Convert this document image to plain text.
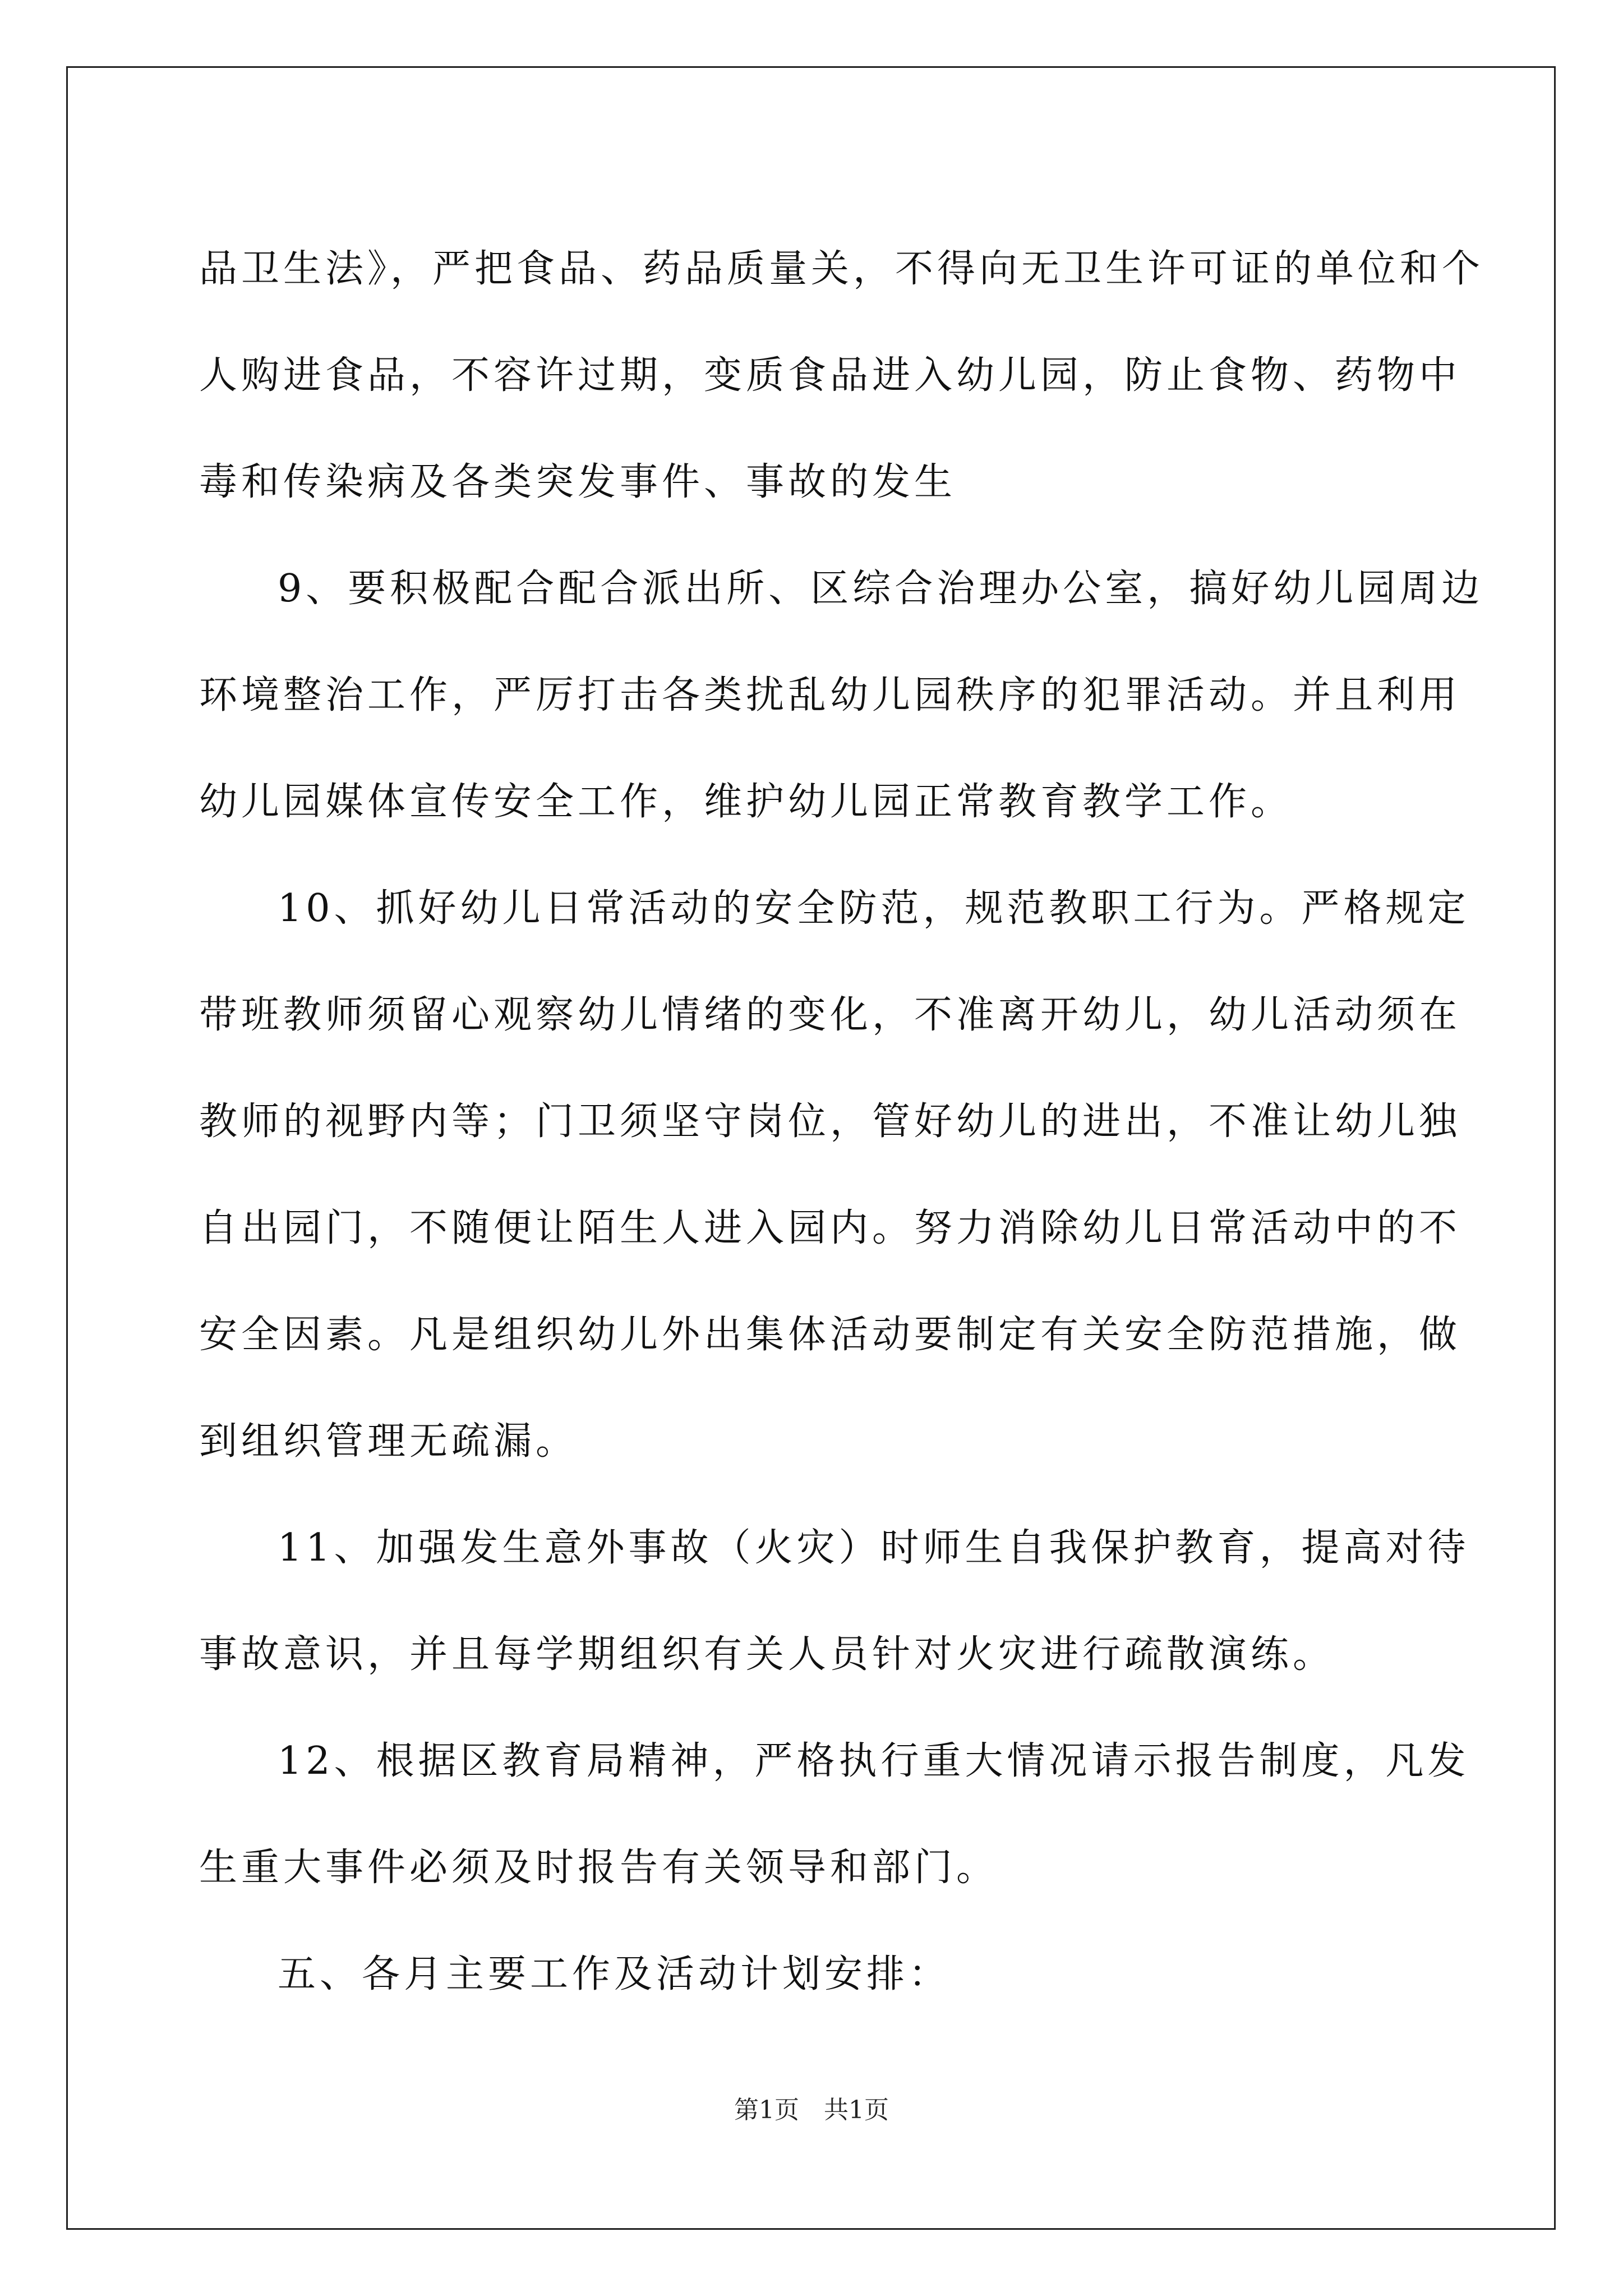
品卫生法》，严把食品、药品质量关，不得向无卫生许可证的单位和个
人购进食品，不容许过期，变质食品进入幼儿园，防止食物、药物中
毒和传染病及各类突发事件、事故的发生
9、要积极配合配合派出所、区综合治理办公室，搞好幼儿园周边
环境整治工作，严厉打击各类扰乱幼儿园秩序的犯罪活动。并且利用
幼儿园媒体宣传安全工作，维护幼儿园正常教育教学工作。
10、抓好幼儿日常活动的安全防范，规范教职工行为。严格规定
带班教师须留心观察幼儿情绪的变化，不准离开幼儿，幼儿活动须在
教师的视野内等；门卫须坚守岗位，管好幼儿的进出，不准让幼儿独
自出园门，不随便让陌生人进入园内。努力消除幼儿日常活动中的不
安全因素。凡是组织幼儿外出集体活动要制定有关安全防范措施，做
到组织管理无疏漏。
11、加强发生意外事故（火灾）时师生自我保护教育，提高对待
事故意识，并且每学期组织有关人员针对火灾进行疏散演练。
12、根据区教育局精神，严格执行重大情况请示报告制度，凡发
生重大事件必须及时报告有关领导和部门。
五、各月主要工作及活动计划安排：
第1页 共1页
